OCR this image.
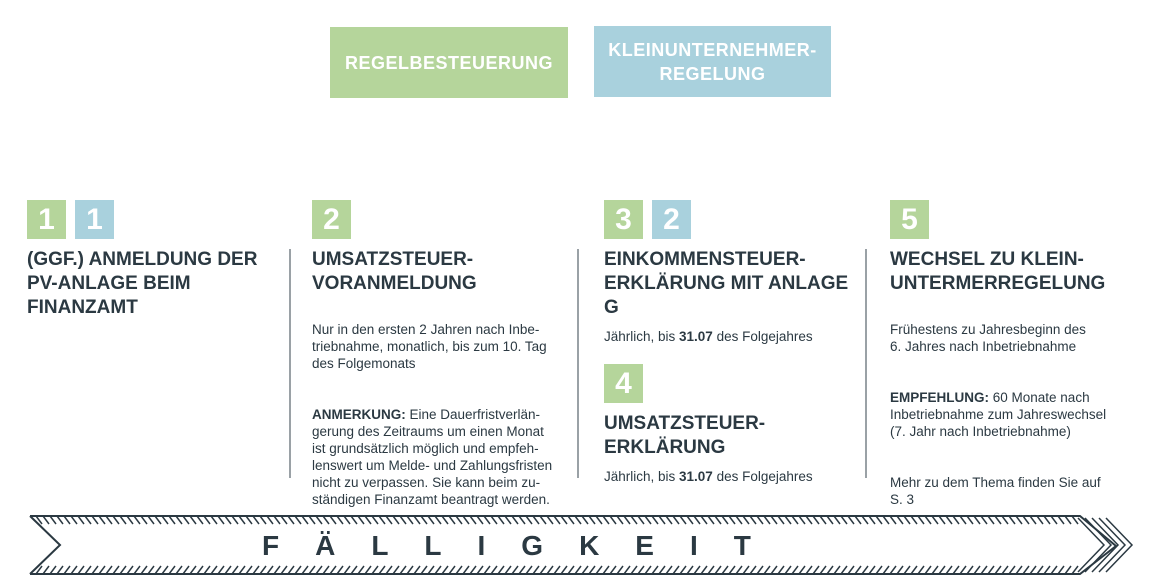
REGELBESTEUERUNG
KLEINUNTERNEHMER-
REGELUNG
1	1
(GGF.) ANMELDUNG DER
PV-ANLAGE BEIM
FINANZAMT
2
UMSATZSTEUER-
VORANMELDUNG

Nur in den ersten 2 Jahren nach Inbe-
triebnahme, monatlich, bis zum 10. Tag
des Folgemonats

ANMERKUNG: Eine Dauerfristverlän-
gerung des Zeitraums um einen Monat
ist grundsätzlich möglich und empfeh-
lenswert um Melde- und Zahlungsfristen
nicht zu verpassen. Sie kann beim zu-
ständigen Finanzamt beantragt werden.

3	2
EINKOMMENSTEUER-
ERKLÄRUNG MIT ANLAGE G
Jährlich, bis 31.07 des Folgejahres
4
UMSATZSTEUER-
ERKLÄRUNG
Jährlich, bis 31.07 des Folgejahres
5
WECHSEL ZU KLEIN-
UNTERMERREGELUNG

Frühestens zu Jahresbeginn des
6. Jahres nach Inbetriebnahme

EMPFEHLUNG: 60 Monate nach
Inbetriebnahme zum Jahreswechsel
(7. Jahr nach Inbetriebnahme)

Mehr zu dem Thema finden Sie auf
S. 3

FÄLLIGKEIT
